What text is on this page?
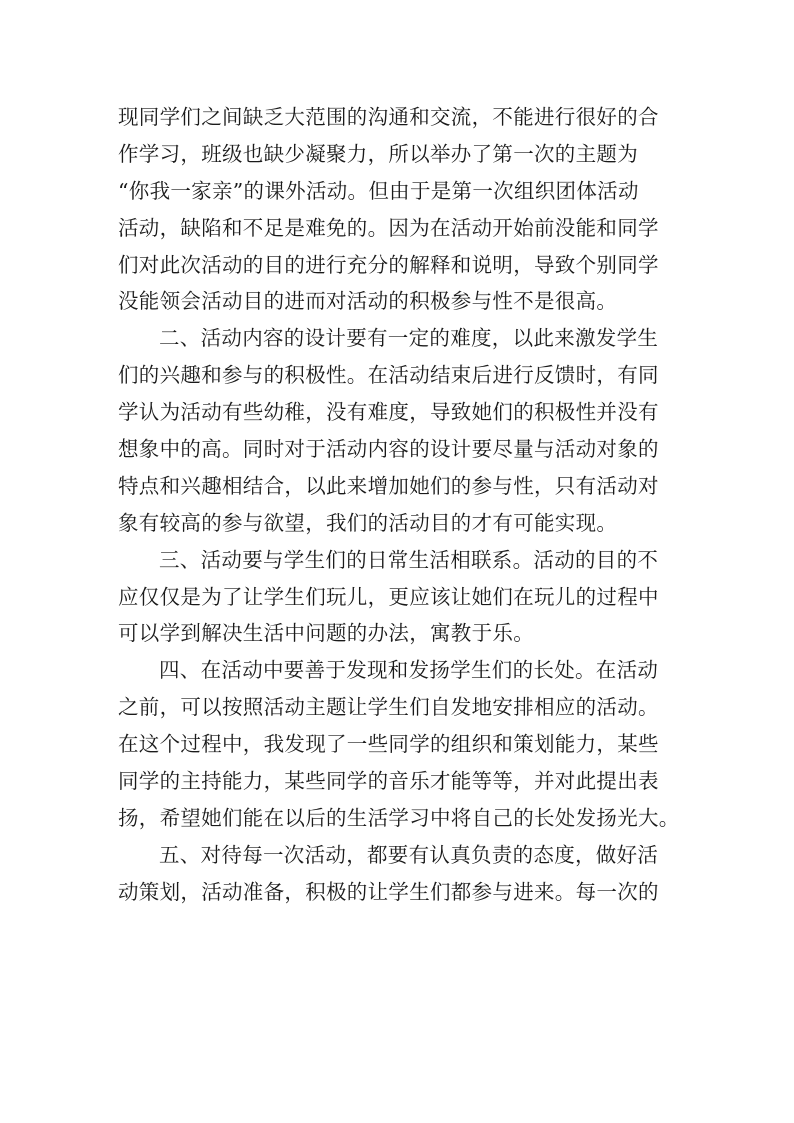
现同学们之间缺乏大范围的沟通和交流，不能进行很好的合
作学习，班级也缺少凝聚力，所以举办了第一次的主题为
“你我一家亲”的课外活动。但由于是第一次组织团体活动
活动，缺陷和不足是难免的。因为在活动开始前没能和同学
们对此次活动的目的进行充分的解释和说明，导致个别同学
没能领会活动目的进而对活动的积极参与性不是很高。
二、活动内容的设计要有一定的难度，以此来激发学生
们的兴趣和参与的积极性。在活动结束后进行反馈时，有同
学认为活动有些幼稚，没有难度，导致她们的积极性并没有
想象中的高。同时对于活动内容的设计要尽量与活动对象的
特点和兴趣相结合，以此来增加她们的参与性，只有活动对
象有较高的参与欲望，我们的活动目的才有可能实现。
三、活动要与学生们的日常生活相联系。活动的目的不
应仅仅是为了让学生们玩儿，更应该让她们在玩儿的过程中
可以学到解决生活中问题的办法，寓教于乐。
四、在活动中要善于发现和发扬学生们的长处。在活动
之前，可以按照活动主题让学生们自发地安排相应的活动。
在这个过程中，我发现了一些同学的组织和策划能力，某些
同学的主持能力，某些同学的音乐才能等等，并对此提出表
扬，希望她们能在以后的生活学习中将自己的长处发扬光大。
五、对待每一次活动，都要有认真负责的态度，做好活
动策划，活动准备，积极的让学生们都参与进来。每一次的
